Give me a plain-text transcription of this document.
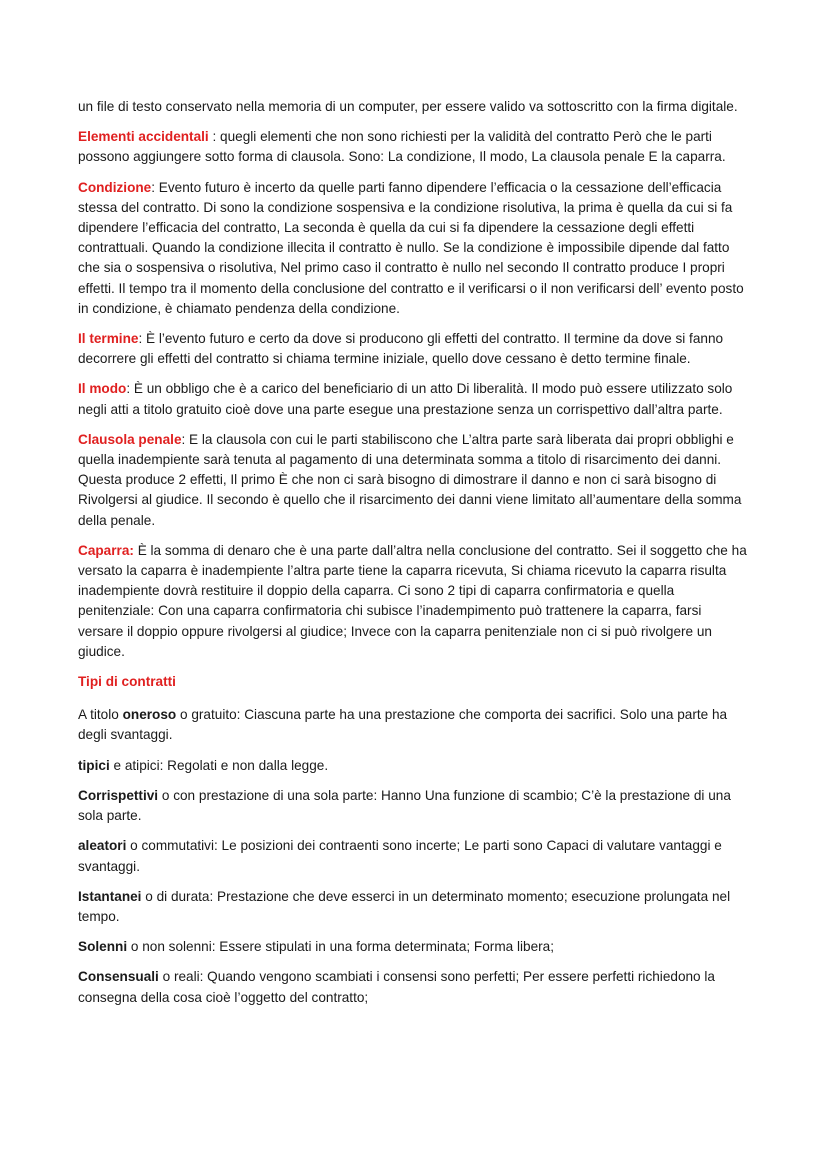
un file di testo conservato nella memoria di un computer, per essere valido va sottoscritto con la firma digitale.

Elementi accidentali : quegli elementi che non sono richiesti per la validità del contratto Però che le parti possono aggiungere sotto forma di clausola. Sono: La condizione, Il modo, La clausola penale E la caparra.

Condizione: Evento futuro è incerto da quelle parti fanno dipendere l’efficacia o la cessazione dell’efficacia stessa del contratto. Di sono la condizione sospensiva e la condizione risolutiva, la prima è quella da cui si fa dipendere l’efficacia del contratto, La seconda è quella da cui si fa dipendere la cessazione degli effetti contrattuali. Quando la condizione illecita il contratto è nullo. Se la condizione è impossibile dipende dal fatto che sia o sospensiva o risolutiva, Nel primo caso il contratto è nullo nel secondo Il contratto produce I propri effetti. Il tempo tra il momento della conclusione del contratto e il verificarsi o il non verificarsi dell’ evento posto in condizione, è chiamato pendenza della condizione.

Il termine: È l’evento futuro e certo da dove si producono gli effetti del contratto. Il termine da dove si fanno decorrere gli effetti del contratto si chiama termine iniziale, quello dove cessano è detto termine finale.

Il modo: È un obbligo che è a carico del beneficiario di un atto Di liberalità. Il modo può essere utilizzato solo negli atti a titolo gratuito cioè dove una parte esegue una prestazione senza un corrispettivo dall’altra parte.

Clausola penale: E la clausola con cui le parti stabiliscono che L’altra parte sarà liberata dai propri obblighi e quella inadempiente sarà tenuta al pagamento di una determinata somma a titolo di risarcimento dei danni. Questa produce 2 effetti, Il primo È che non ci sarà bisogno di dimostrare il danno e non ci sarà bisogno di Rivolgersi al giudice. Il secondo è quello che il risarcimento dei danni viene limitato all’aumentare della somma della penale.

Caparra: È la somma di denaro che è una parte dall’altra nella conclusione del contratto. Sei il soggetto che ha versato la caparra è inadempiente l’altra parte tiene la caparra ricevuta, Si chiama ricevuto la caparra risulta inadempiente dovrà restituire il doppio della caparra. Ci sono 2 tipi di caparra confirmatoria e quella penitenziale: Con una caparra confirmatoria chi subisce l’inadempimento può trattenere la caparra, farsi versare il doppio oppure rivolgersi al giudice; Invece con la caparra penitenziale non ci si può rivolgere un giudice.

Tipi di contratti

A titolo oneroso o gratuito: Ciascuna parte ha una prestazione che comporta dei sacrifici. Solo una parte ha degli svantaggi.

tipici e atipici: Regolati e non dalla legge.

Corrispettivi o con prestazione di una sola parte: Hanno Una funzione di scambio; C’è la prestazione di una sola parte.

aleatori o commutativi: Le posizioni dei contraenti sono incerte; Le parti sono Capaci di valutare vantaggi e svantaggi.

Istantanei o di durata: Prestazione che deve esserci in un determinato momento; esecuzione prolungata nel tempo.

Solenni o non solenni: Essere stipulati in una forma determinata; Forma libera;

Consensuali o reali: Quando vengono scambiati i consensi sono perfetti; Per essere perfetti richiedono la consegna della cosa cioè l’oggetto del contratto;
